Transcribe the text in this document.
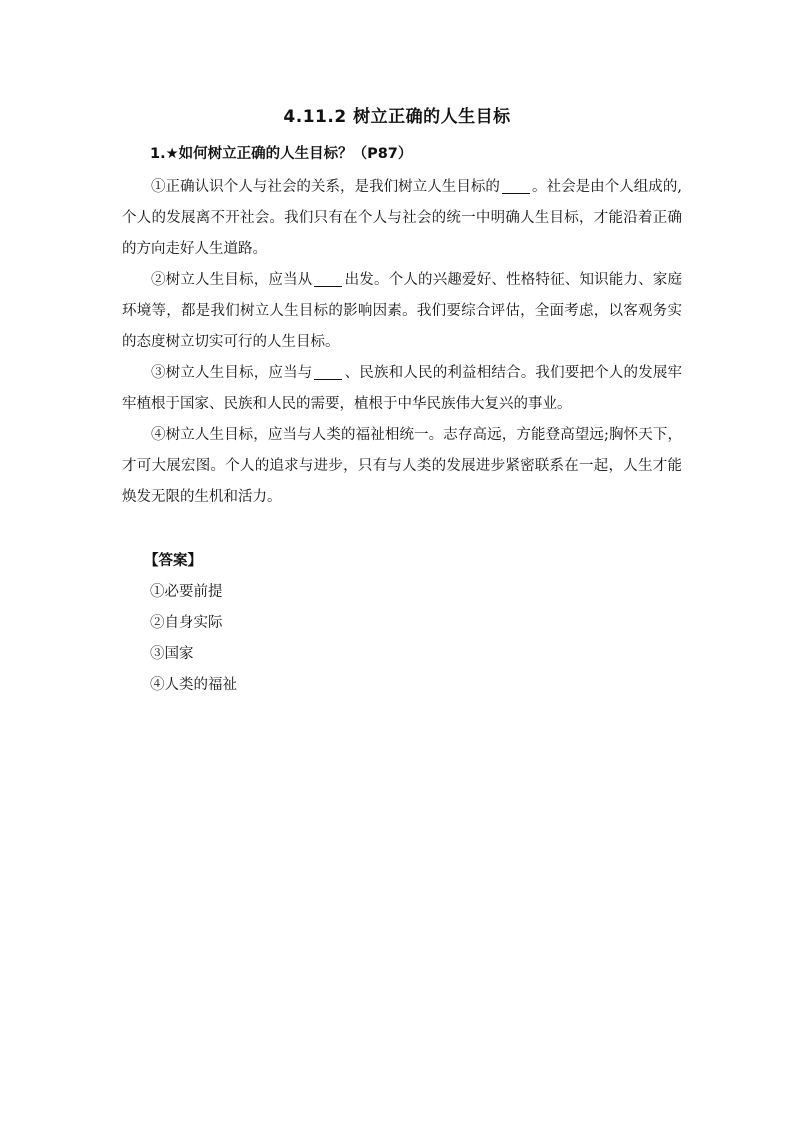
4.11.2 树立正确的人生目标
1.★如何树立正确的人生目标？（P87）

①正确认识个人与社会的关系，是我们树立人生目标的 。社会是由个人组成的,个人的发展离不开社会。我们只有在个人与社会的统一中明确人生目标，才能沿着正确的方向走好人生道路。

②树立人生目标，应当从 出发。个人的兴趣爱好、性格特征、知识能力、家庭环境等，都是我们树立人生目标的影响因素。我们要综合评估，全面考虑，以客观务实的态度树立切实可行的人生目标。

③树立人生目标，应当与 、民族和人民的利益相结合。我们要把个人的发展牢牢植根于国家、民族和人民的需要，植根于中华民族伟大复兴的事业。

④树立人生目标，应当与人类的福祉相统一。志存高远，方能登高望远;胸怀天下，才可大展宏图。个人的追求与进步，只有与人类的发展进步紧密联系在一起，人生才能焕发无限的生机和活力。

【答案】
①必要前提
②自身实际
③国家
④人类的福祉
